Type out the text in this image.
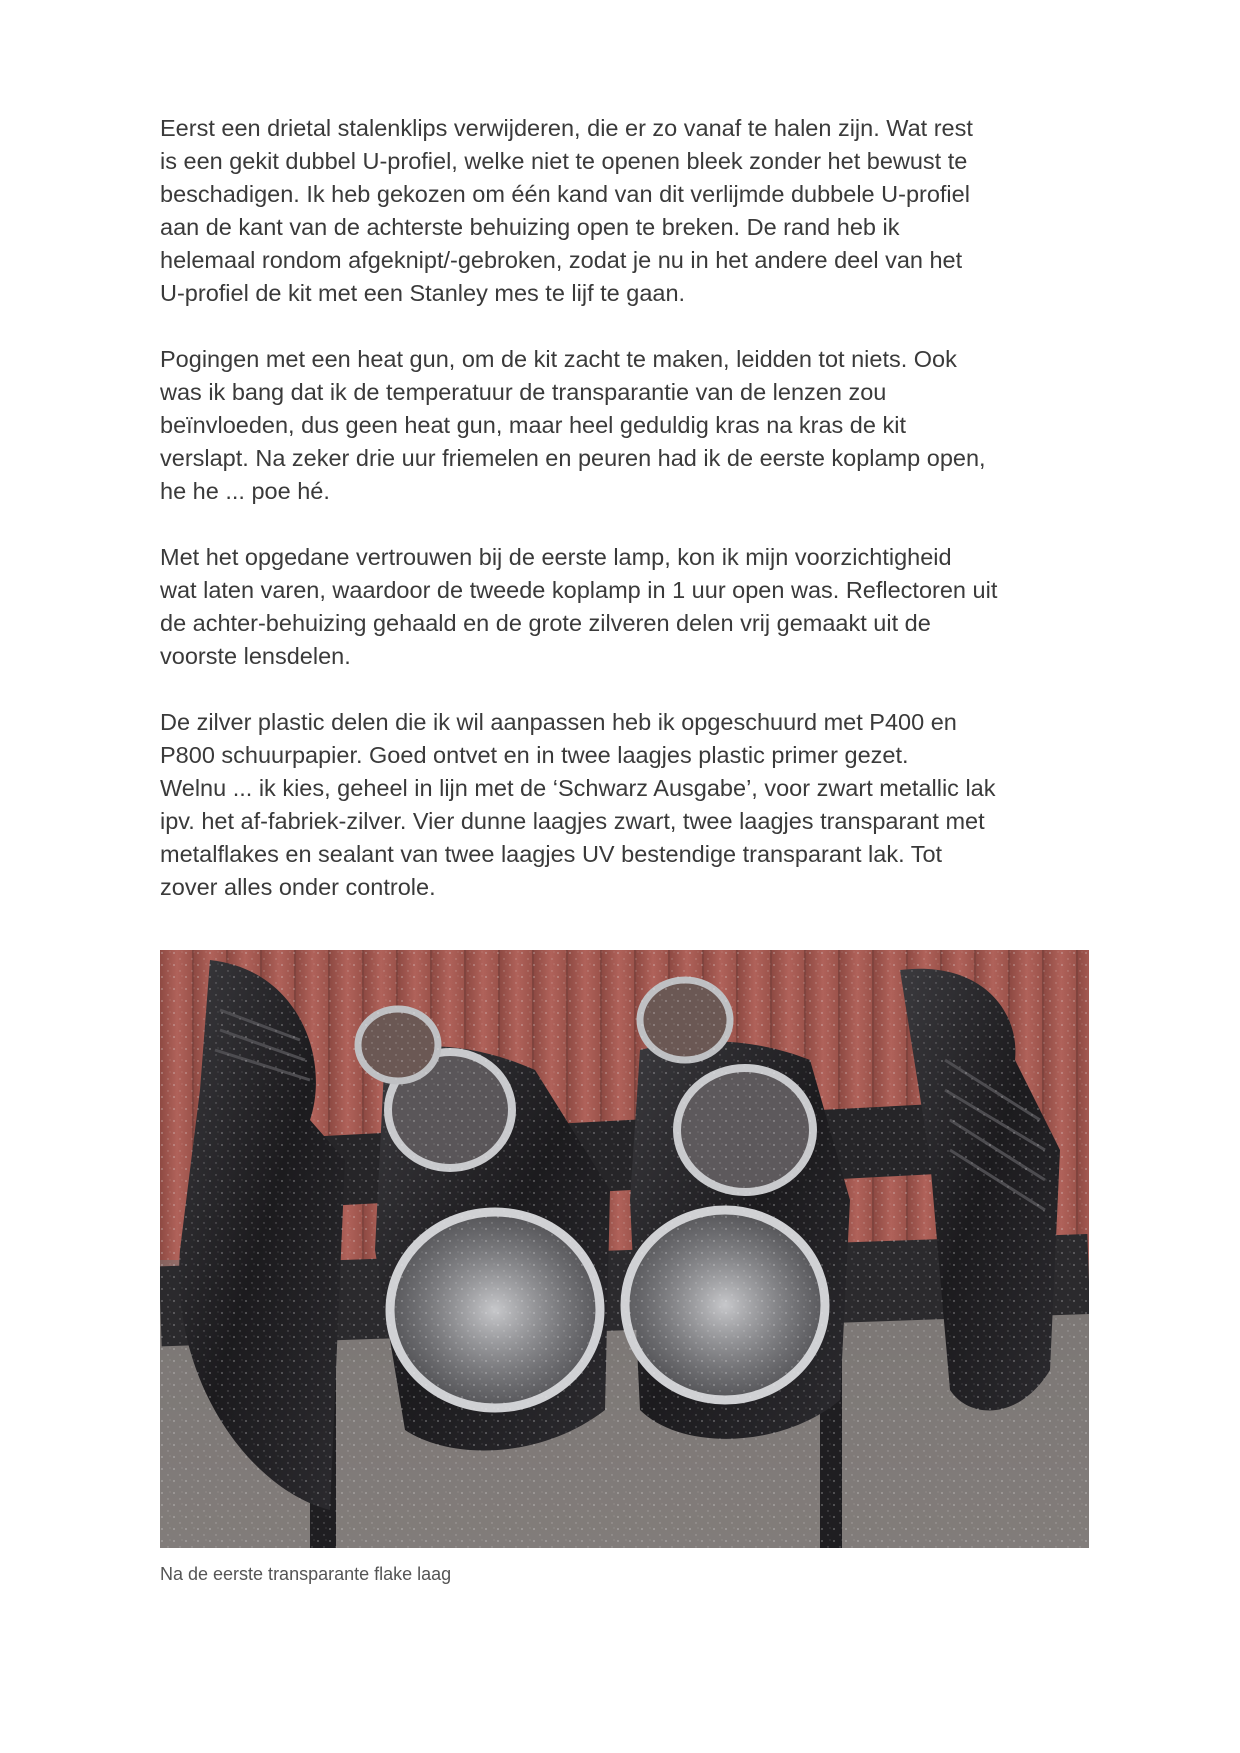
Eerst een drietal stalenklips verwijderen, die er zo vanaf te halen zijn. Wat rest
is een gekit dubbel U-profiel, welke niet te openen bleek zonder het bewust te
beschadigen. Ik heb gekozen om één kand van dit verlijmde dubbele U-profiel
aan de kant van de achterste behuizing open te breken. De rand heb ik
helemaal rondom afgeknipt/-gebroken, zodat je nu in het andere deel van het
U-profiel de kit met een Stanley mes te lijf te gaan.

Pogingen met een heat gun, om de kit zacht te maken, leidden tot niets. Ook
was ik bang dat ik de temperatuur de transparantie van de lenzen zou
beïnvloeden, dus geen heat gun, maar heel geduldig kras na kras de kit
verslapt. Na zeker drie uur friemelen en peuren had ik de eerste koplamp open,
he he ... poe hé.

Met het opgedane vertrouwen bij de eerste lamp, kon ik mijn voorzichtigheid
wat laten varen, waardoor de tweede koplamp in 1 uur open was. Reflectoren uit
de achter-behuizing gehaald en de grote zilveren delen vrij gemaakt uit de
voorste lensdelen.

De zilver plastic delen die ik wil aanpassen heb ik opgeschuurd met P400 en
P800 schuurpapier. Goed ontvet en in twee laagjes plastic primer gezet.
Welnu ... ik kies, geheel in lijn met de ‘Schwarz Ausgabe’, voor zwart metallic lak
ipv. het af-fabriek-zilver. Vier dunne laagjes zwart, twee laagjes transparant met
metalflakes en sealant van twee laagjes UV bestendige transparant lak. Tot
zover alles onder controle.

Na de eerste transparante flake laag
